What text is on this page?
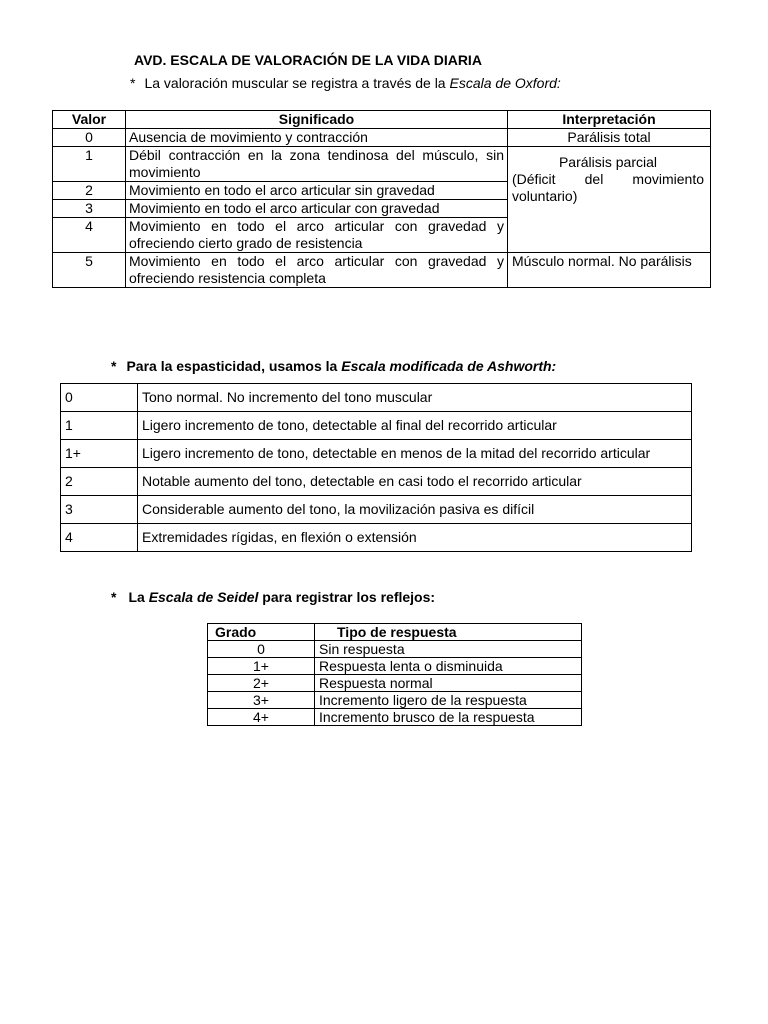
AVD. ESCALA DE VALORACIÓN DE LA VIDA DIARIA
* La valoración muscular se registra a través de la Escala de Oxford:
Valor	Significado	Interpretación
0	Ausencia de movimiento y contracción	Parálisis total
1	Débil contracción en la zona tendinosa del músculo, sin movimiento	Parálisis parcial
(Déficit del movimiento voluntario)

2	Movimiento en todo el arco articular sin gravedad	
3	Movimiento en todo el arco articular con gravedad	
4	Movimiento en todo el arco articular con gravedad y ofreciendo cierto grado de resistencia	
5	Movimiento en todo el arco articular con gravedad y ofreciendo resistencia completa	Músculo normal. No parálisis
* Para la espasticidad, usamos la Escala modificada de Ashworth:
0	Tono normal. No incremento del tono muscular
1	Ligero incremento de tono, detectable al final del recorrido articular
1+	Ligero incremento de tono, detectable en menos de la mitad del recorrido articular
2	Notable aumento del tono, detectable en casi todo el recorrido articular
3	Considerable aumento del tono, la movilización pasiva es difícil
4	Extremidades rígidas, en flexión o extensión
* La Escala de Seidel para registrar los reflejos:
Grado	Tipo de respuesta
0	Sin respuesta
1+	Respuesta lenta o disminuida
2+	Respuesta normal
3+	Incremento ligero de la respuesta
4+	Incremento brusco de la respuesta
